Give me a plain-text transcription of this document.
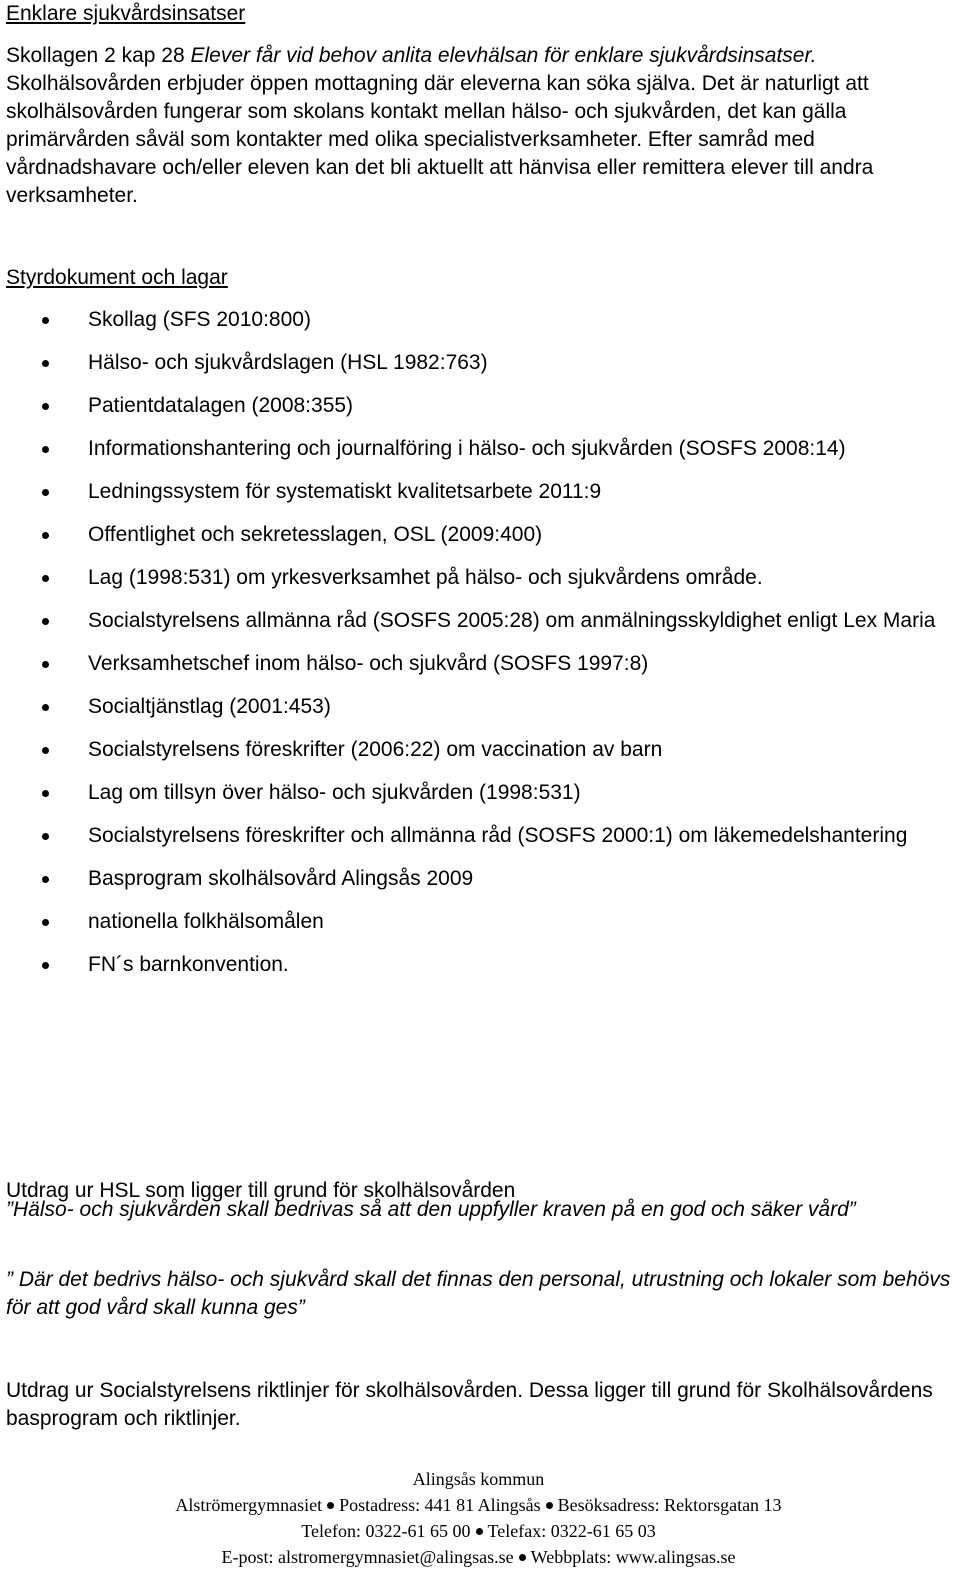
Enklare sjukvårdsinsatser

Skollagen 2 kap 28 Elever får vid behov anlita elevhälsan för enklare sjukvårdsinsatser. Skolhälsovården erbjuder öppen mottagning där eleverna kan söka själva. Det är naturligt att skolhälsovården fungerar som skolans kontakt mellan hälso- och sjukvården, det kan gälla primärvården såväl som kontakter med olika specialistverksamheter. Efter samråd med vårdnadshavare och/eller eleven kan det bli aktuellt att hänvisa eller remittera elever till andra verksamheter.

Styrdokument och lagar

Skollag (SFS 2010:800)
Hälso- och sjukvårdslagen (HSL 1982:763)
Patientdatalagen (2008:355)
Informationshantering och journalföring i hälso- och sjukvården (SOSFS 2008:14)
Ledningssystem för systematiskt kvalitetsarbete 2011:9
Offentlighet och sekretesslagen, OSL (2009:400)
Lag (1998:531) om yrkesverksamhet på hälso- och sjukvårdens område.
Socialstyrelsens allmänna råd (SOSFS 2005:28) om anmälningsskyldighet enligt Lex Maria
Verksamhetschef inom hälso- och sjukvård (SOSFS 1997:8)
Socialtjänstlag (2001:453)
Socialstyrelsens föreskrifter (2006:22) om vaccination av barn
Lag om tillsyn över hälso- och sjukvården (1998:531)
Socialstyrelsens föreskrifter och allmänna råd (SOSFS 2000:1) om läkemedelshantering
Basprogram skolhälsovård Alingsås 2009
nationella folkhälsomålen
FN´s barnkonvention.

Utdrag ur HSL som ligger till grund för skolhälsovården

”Hälso- och sjukvården skall bedrivas så att den uppfyller kraven på en god och säker vård”

” Där det bedrivs hälso- och sjukvård skall det finnas den personal, utrustning och lokaler som behövs för att god vård skall kunna ges”

Utdrag ur Socialstyrelsens riktlinjer för skolhälsovården. Dessa ligger till grund för Skolhälsovårdens basprogram och riktlinjer.

Alingsås kommun

Alströmergymnasiet Postadress: 441 81 Alingsås Besöksadress: Rektorsgatan 13

Telefon: 0322-61 65 00 Telefax: 0322-61 65 03

E-post: alstromergymnasiet@alingsas.se Webbplats: www.alingsas.se
